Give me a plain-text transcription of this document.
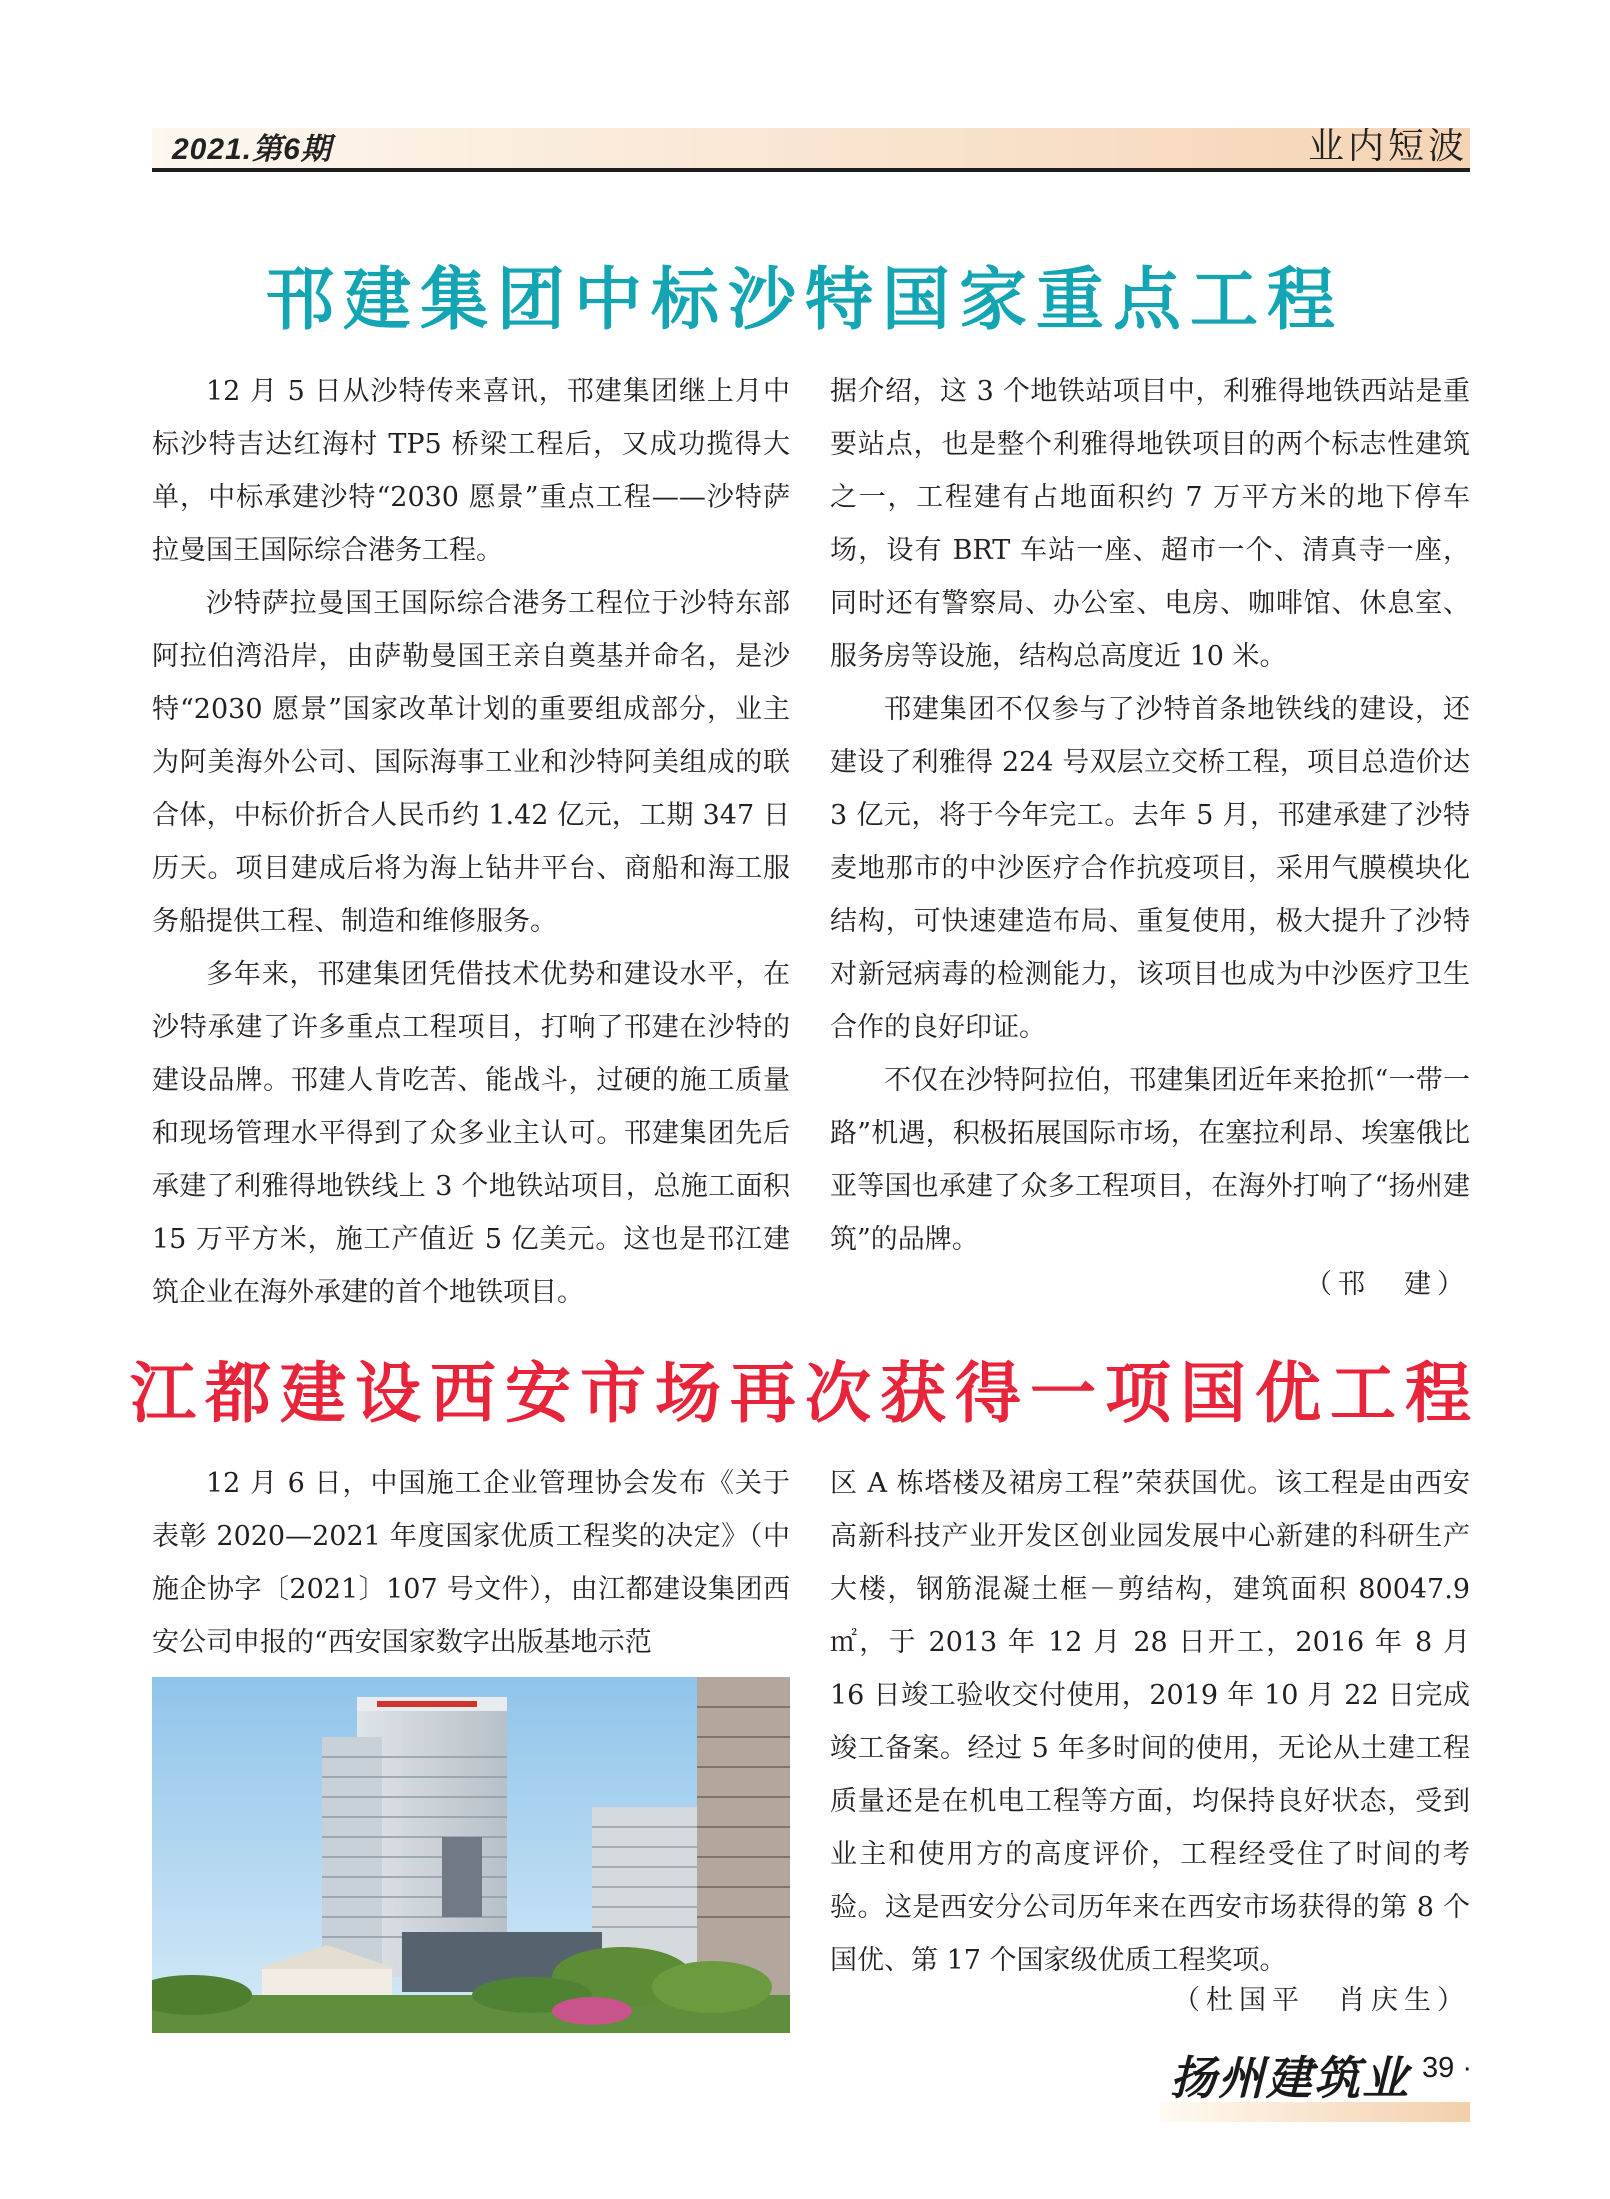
2021.第6期	业内短波
邗建集团中标沙特国家重点工程

12 月 5 日从沙特传来喜讯，邗建集团继上月中标沙特吉达红海村 TP5 桥梁工程后，又成功揽得大单，中标承建沙特“2030 愿景”重点工程——沙特萨拉曼国王国际综合港务工程。

沙特萨拉曼国王国际综合港务工程位于沙特东部阿拉伯湾沿岸，由萨勒曼国王亲自奠基并命名，是沙特“2030 愿景”国家改革计划的重要组成部分，业主为阿美海外公司、国际海事工业和沙特阿美组成的联合体，中标价折合人民币约 1.42 亿元，工期 347 日历天。项目建成后将为海上钻井平台、商船和海工服务船提供工程、制造和维修服务。

多年来，邗建集团凭借技术优势和建设水平，在沙特承建了许多重点工程项目，打响了邗建在沙特的建设品牌。邗建人肯吃苦、能战斗，过硬的施工质量和现场管理水平得到了众多业主认可。邗建集团先后承建了利雅得地铁线上 3 个地铁站项目，总施工面积 15 万平方米，施工产值近 5 亿美元。这也是邗江建筑企业在海外承建的首个地铁项目。

据介绍，这 3 个地铁站项目中，利雅得地铁西站是重要站点，也是整个利雅得地铁项目的两个标志性建筑之一，工程建有占地面积约 7 万平方米的地下停车场，设有 BRT 车站一座、超市一个、清真寺一座，同时还有警察局、办公室、电房、咖啡馆、休息室、服务房等设施，结构总高度近 10 米。

邗建集团不仅参与了沙特首条地铁线的建设，还建设了利雅得 224 号双层立交桥工程，项目总造价达 3 亿元，将于今年完工。去年 5 月，邗建承建了沙特麦地那市的中沙医疗合作抗疫项目，采用气膜模块化结构，可快速建造布局、重复使用，极大提升了沙特对新冠病毒的检测能力，该项目也成为中沙医疗卫生合作的良好印证。

不仅在沙特阿拉伯，邗建集团近年来抢抓“一带一路”机遇，积极拓展国际市场，在塞拉利昂、埃塞俄比亚等国也承建了众多工程项目，在海外打响了“扬州建筑”的品牌。

（邗　建）
江都建设西安市场再次获得一项国优工程

12 月 6 日，中国施工企业管理协会发布《关于表彰 2020—2021 年度国家优质工程奖的决定》（中施企协字〔2021〕107 号文件），由江都建设集团西安公司申报的“西安国家数字出版基地示范

区 A 栋塔楼及裙房工程”荣获国优。该工程是由西安高新科技产业开发区创业园发展中心新建的科研生产大楼，钢筋混凝土框－剪结构，建筑面积 80047.9 ㎡，于 2013 年 12 月 28 日开工，2016 年 8 月 16 日竣工验收交付使用，2019 年 10 月 22 日完成竣工备案。经过 5 年多时间的使用，无论从土建工程质量还是在机电工程等方面，均保持良好状态，受到业主和使用方的高度评价，工程经受住了时间的考验。这是西安分公司历年来在西安市场获得的第 8 个国优、第 17 个国家级优质工程奖项。

（杜国平　肖庆生）
扬州建筑业
· 39 ·
